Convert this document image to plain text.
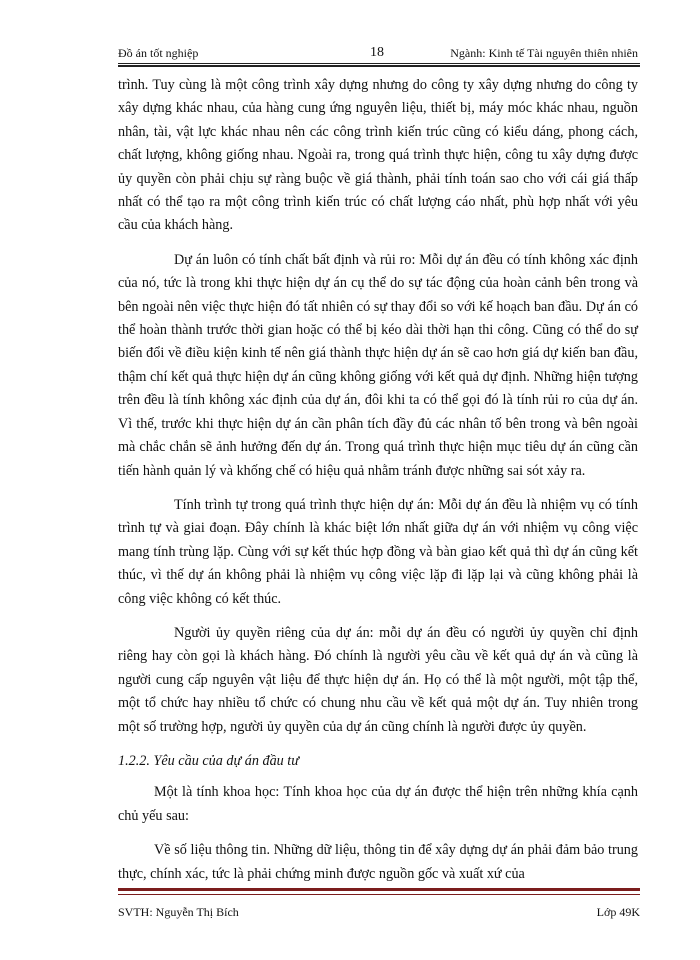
Đồ án tốt nghiệp	18	Ngành: Kinh tế Tài nguyên thiên nhiên

trình. Tuy cùng là một công trình xây dựng nhưng do công ty xây dựng nhưng do công ty xây dựng khác nhau, của hàng cung ứng nguyên liệu, thiết bị, máy móc khác nhau, nguồn nhân, tài, vật lực khác nhau nên các công trình kiến trúc cũng có kiểu dáng, phong cách, chất lượng, không giống nhau. Ngoài ra, trong quá trình thực hiện, công tu xây dựng được ủy quyền còn phải chịu sự ràng buộc về giá thành, phải tính toán sao cho với cái giá thấp nhất có thể tạo ra một công trình kiến trúc có chất lượng cáo nhất, phù hợp nhất với yêu cầu của khách hàng.

Dự án luôn có tính chất bất định và rủi ro: Mỗi dự án đều có tính không xác định của nó, tức là trong khi thực hiện dự án cụ thể do sự tác động của hoàn cảnh bên trong và bên ngoài nên việc thực hiện đó tất nhiên có sự thay đổi so với kế hoạch ban đầu. Dự án có thể hoàn thành trước thời gian hoặc có thể bị kéo dài thời hạn thi công. Cũng có thể do sự biến đổi về điều kiện kinh tế nên giá thành thực hiện dự án sẽ cao hơn giá dự kiến ban đầu, thậm chí kết quả thực hiện dự án cũng không giống với kết quả dự định. Những hiện tượng trên đều là tính không xác định của dự án, đôi khi ta có thể gọi đó là tính rủi ro của dự án. Vì thế, trước khi thực hiện dự án cần phân tích đầy đủ các nhân tố bên trong và bên ngoài mà chắc chắn sẽ ảnh hưởng đến dự án. Trong quá trình thực hiện mục tiêu dự án cũng cần tiến hành quản lý và khống chế có hiệu quả nhằm tránh được những sai sót xảy ra.

Tính trình tự trong quá trình thực hiện dự án: Mỗi dự án đều là nhiệm vụ có tính trình tự và giai đoạn. Đây chính là khác biệt lớn nhất giữa dự án với nhiệm vụ công việc mang tính trùng lặp. Cùng với sự kết thúc hợp đồng và bàn giao kết quả thì dự án cũng kết thúc, vì thế dự án không phải là nhiệm vụ công việc lặp đi lặp lại và cũng không phải là công việc không có kết thúc.

Người ủy quyền riêng của dự án: mỗi dự án đều có người ủy quyền chỉ định riêng hay còn gọi là khách hàng. Đó chính là người yêu cầu về kết quả dự án và cũng là người cung cấp nguyên vật liệu để thực hiện dự án. Họ có thể là một người, một tập thể, một tổ chức hay nhiều tổ chức có chung nhu cầu về kết quả một dự án. Tuy nhiên trong một số trường hợp, người ủy quyền của dự án cũng chính là người được ủy quyền.

1.2.2. Yêu cầu của dự án đầu tư

Một là tính khoa học: Tính khoa học của dự án được thể hiện trên những khía cạnh chủ yếu sau:

Về số liệu thông tin. Những dữ liệu, thông tin để xây dựng dự án phải đảm bảo trung thực, chính xác, tức là phải chứng minh được nguồn gốc và xuất xứ của

SVTH: Nguyễn Thị Bích	Lớp 49K
